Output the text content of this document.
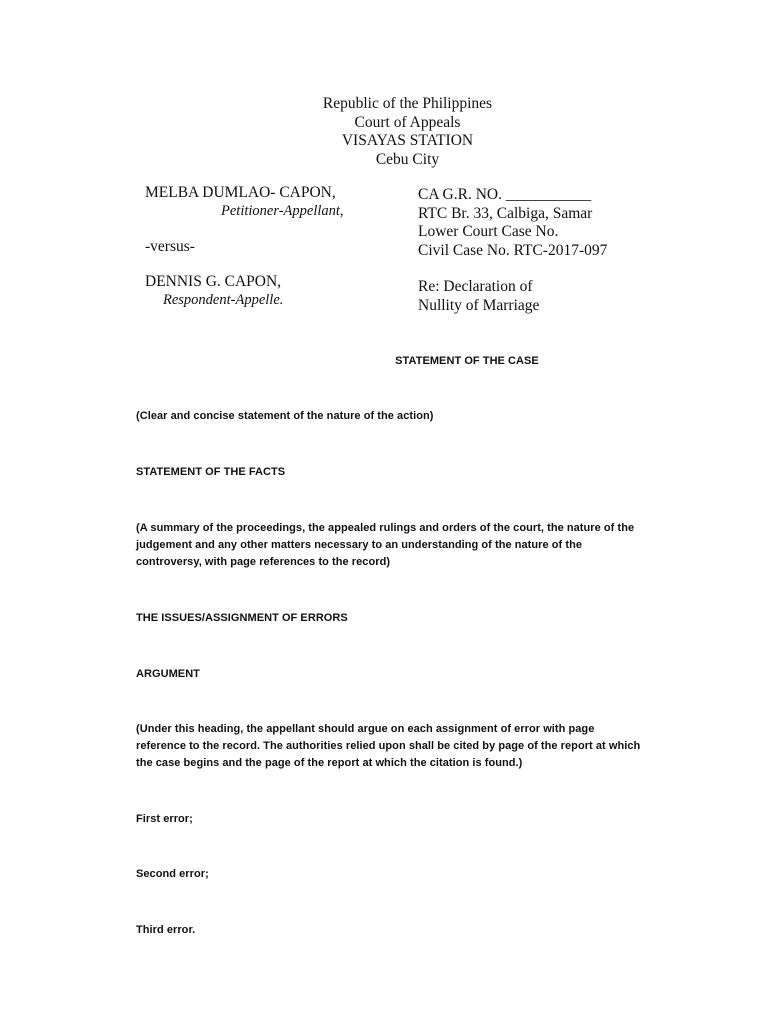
Republic of the Philippines
Court of Appeals
VISAYAS STATION
Cebu City
MELBA DUMLAO- CAPON,
Petitioner-Appellant,
-versus-
DENNIS G. CAPON,
Respondent-Appelle.
CA G.R. NO. ___________
RTC Br. 33, Calbiga, Samar
Lower Court Case No.
Civil Case No. RTC-2017-097
Re: Declaration of
Nullity of Marriage
STATEMENT OF THE CASE
(Clear and concise statement of the nature of the action)
STATEMENT OF THE FACTS
(A summary of the proceedings, the appealed rulings and orders of the court, the nature of the
judgement and any other matters necessary to an understanding of the nature of the
controversy, with page references to the record)
THE ISSUES/ASSIGNMENT OF ERRORS
ARGUMENT
(Under this heading, the appellant should argue on each assignment of error with page
reference to the record. The authorities relied upon shall be cited by page of the report at which
the case begins and the page of the report at which the citation is found.)
First error;
Second error;
Third error.
